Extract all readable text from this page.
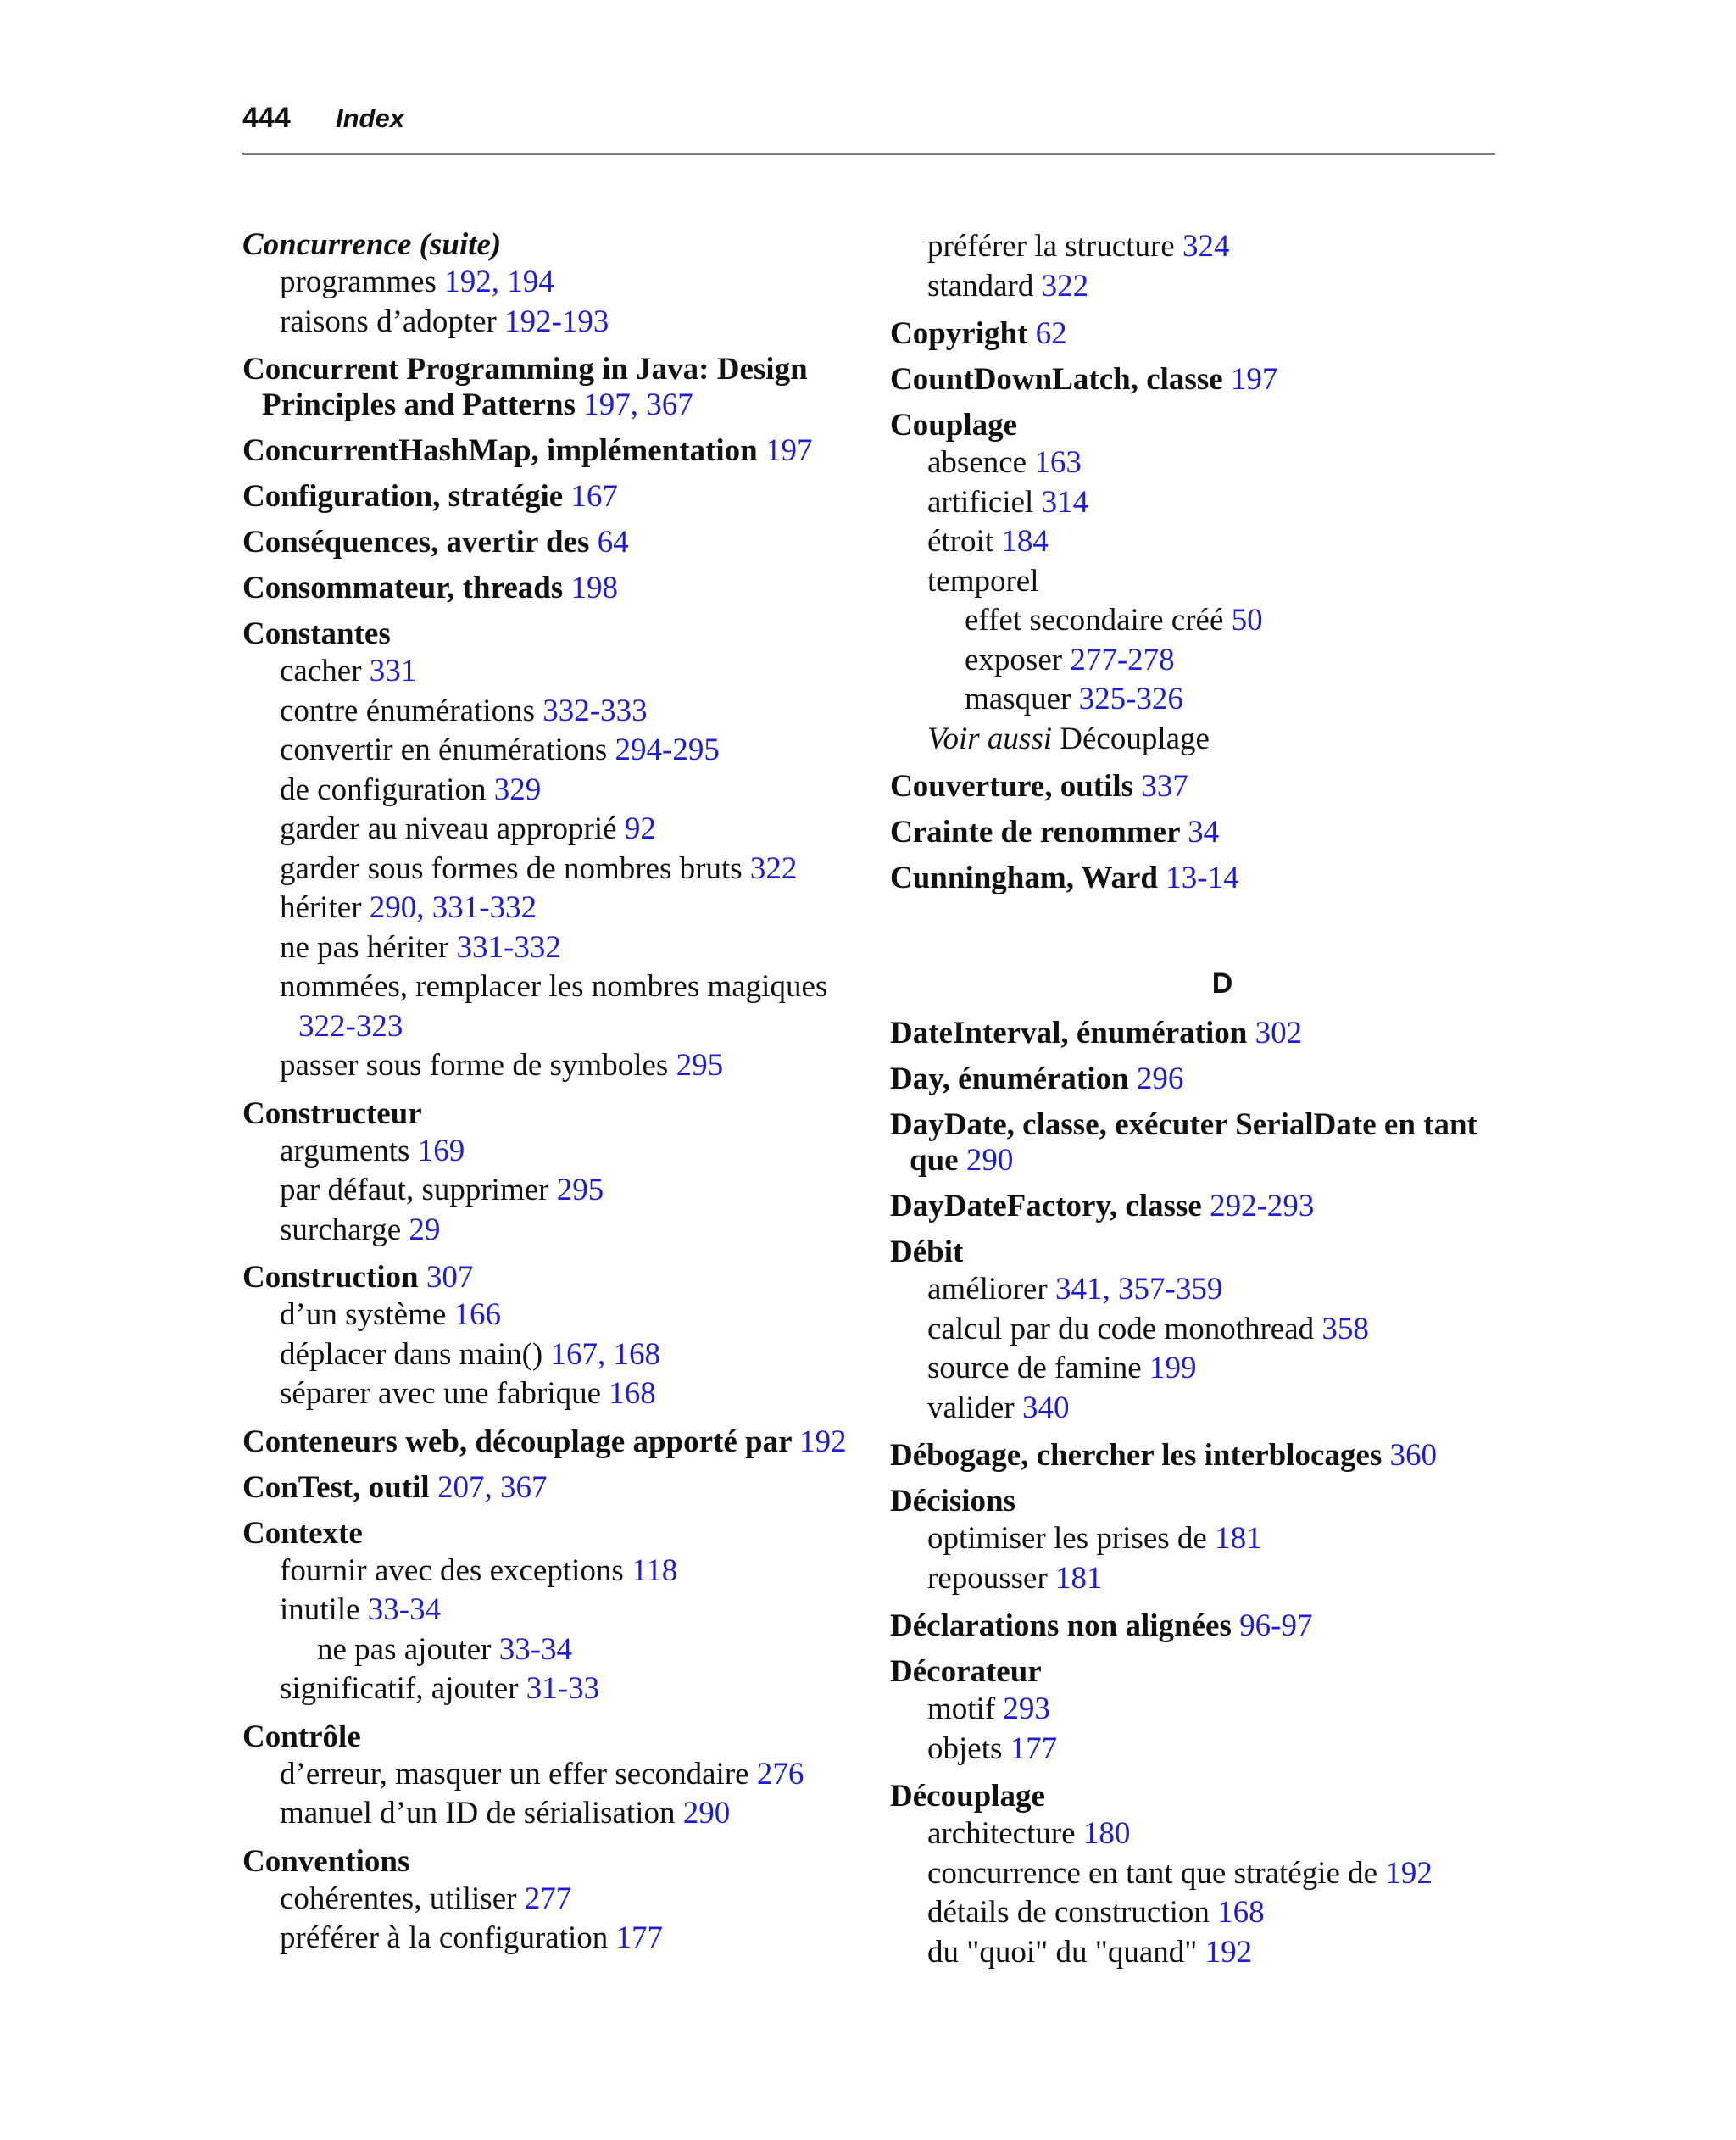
444 Index
Concurrence (suite)
programmes 192, 194
raisons d’adopter 192-193
Concurrent Programming in Java: Design Principles and Patterns 197, 367
ConcurrentHashMap, implémentation 197
Configuration, stratégie 167
Conséquences, avertir des 64
Consommateur, threads 198
Constantes
cacher 331
contre énumérations 332-333
convertir en énumérations 294-295
de configuration 329
garder au niveau approprié 92
garder sous formes de nombres bruts 322
hériter 290, 331-332
ne pas hériter 331-332
nommées, remplacer les nombres magiques 322-323
passer sous forme de symboles 295
Constructeur
arguments 169
par défaut, supprimer 295
surcharge 29
Construction 307
d’un système 166
déplacer dans main() 167, 168
séparer avec une fabrique 168
Conteneurs web, découplage apporté par 192
ConTest, outil 207, 367
Contexte
fournir avec des exceptions 118
inutile 33-34
ne pas ajouter 33-34
significatif, ajouter 31-33
Contrôle
d’erreur, masquer un effer secondaire 276
manuel d’un ID de sérialisation 290
Conventions
cohérentes, utiliser 277
préférer à la configuration 177
préférer la structure 324
standard 322
Copyright 62
CountDownLatch, classe 197
Couplage
absence 163
artificiel 314
étroit 184
temporel
effet secondaire créé 50
exposer 277-278
masquer 325-326
Voir aussi Découplage
Couverture, outils 337
Crainte de renommer 34
Cunningham, Ward 13-14
D
DateInterval, énumération 302
Day, énumération 296
DayDate, classe, exécuter SerialDate en tant que 290
DayDateFactory, classe 292-293
Débit
améliorer 341, 357-359
calcul par du code monothread 358
source de famine 199
valider 340
Débogage, chercher les interblocages 360
Décisions
optimiser les prises de 181
repousser 181
Déclarations non alignées 96-97
Décorateur
motif 293
objets 177
Découplage
architecture 180
concurrence en tant que stratégie de 192
détails de construction 168
du "quoi" du "quand" 192
